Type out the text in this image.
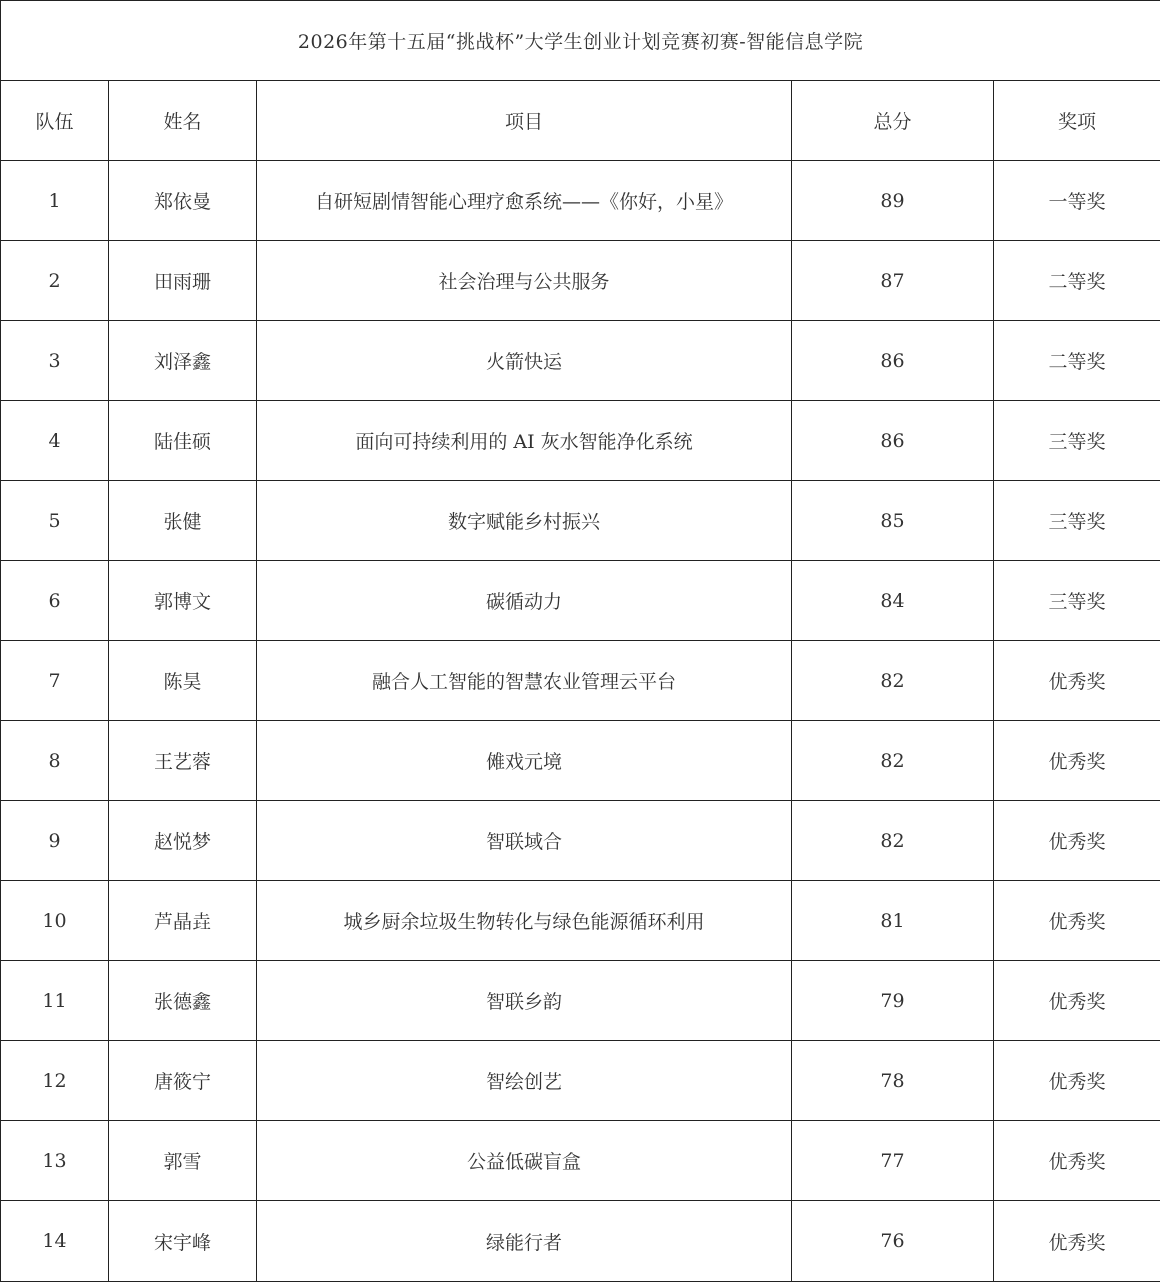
2026年第十五届“挑战杯”大学生创业计划竞赛初赛-智能信息学院				
队伍	姓名	项目	总分	奖项
1	郑依曼	自研短剧情智能心理疗愈系统——《你好，小星》	89	一等奖
2	田雨珊	社会治理与公共服务	87	二等奖
3	刘泽鑫	火箭快运	86	二等奖
4	陆佳硕	面向可持续利用的 AI 灰水智能净化系统	86	三等奖
5	张健	数字赋能乡村振兴	85	三等奖
6	郭博文	碳循动力	84	三等奖
7	陈昊	融合人工智能的智慧农业管理云平台	82	优秀奖
8	王艺蓉	傩戏元境	82	优秀奖
9	赵悦梦	智联域合	82	优秀奖
10	芦晶垚	城乡厨余垃圾生物转化与绿色能源循环利用	81	优秀奖
11	张德鑫	智联乡韵	79	优秀奖
12	唐筱宁	智绘创艺	78	优秀奖
13	郭雪	公益低碳盲盒	77	优秀奖
14	宋宇峰	绿能行者	76	优秀奖
